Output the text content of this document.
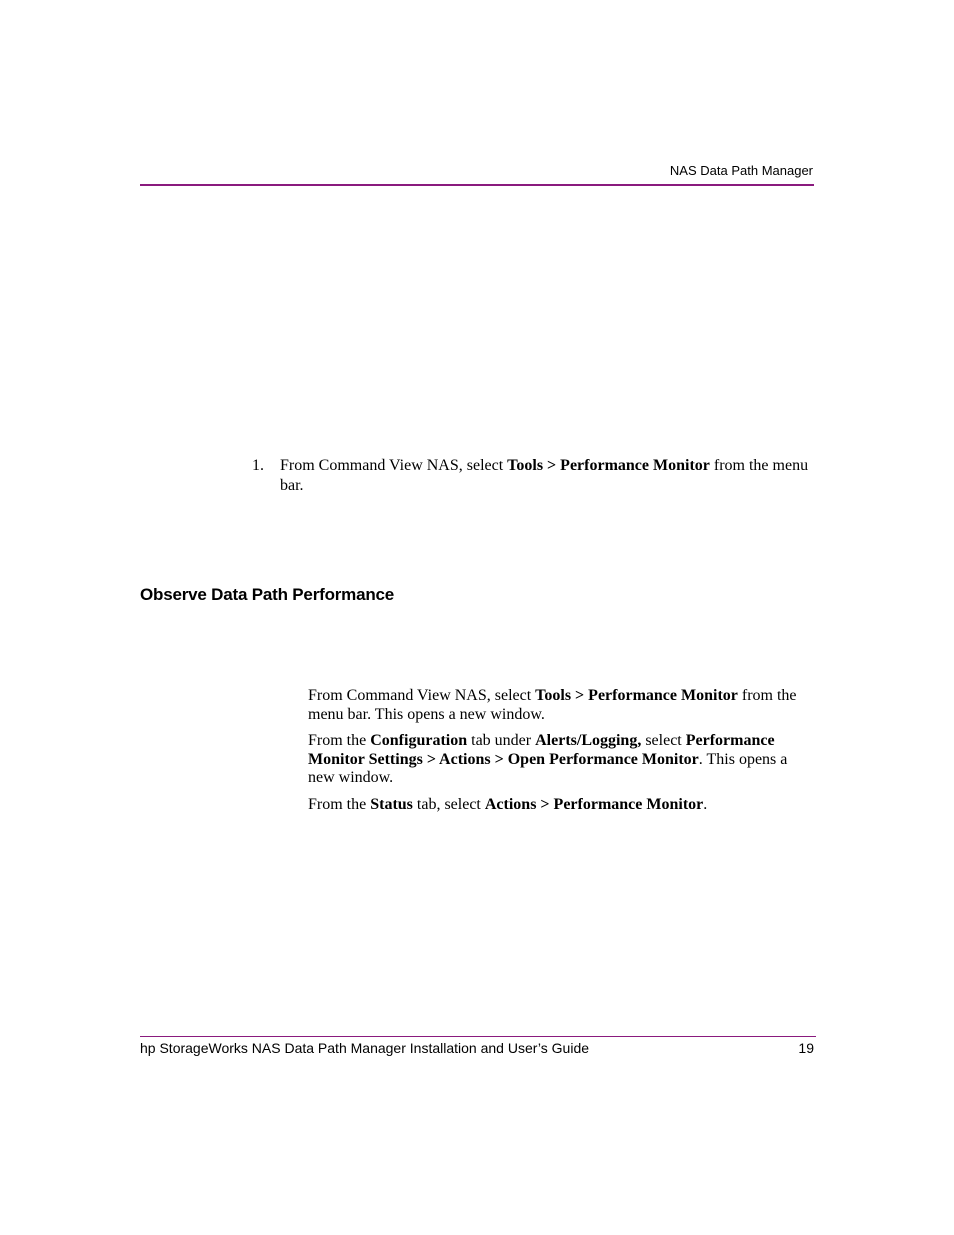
NAS Data Path Manager
1. From Command View NAS, select Tools > Performance Monitor from the menu bar.
Observe Data Path Performance

From Command View NAS, select Tools > Performance Monitor from the menu bar. This opens a new window.

From the Configuration tab under Alerts/Logging, select Performance Monitor Settings > Actions > Open Performance Monitor. This opens a new window.

From the Status tab, select Actions > Performance Monitor.

hp StorageWorks NAS Data Path Manager Installation and User’s Guide	19
